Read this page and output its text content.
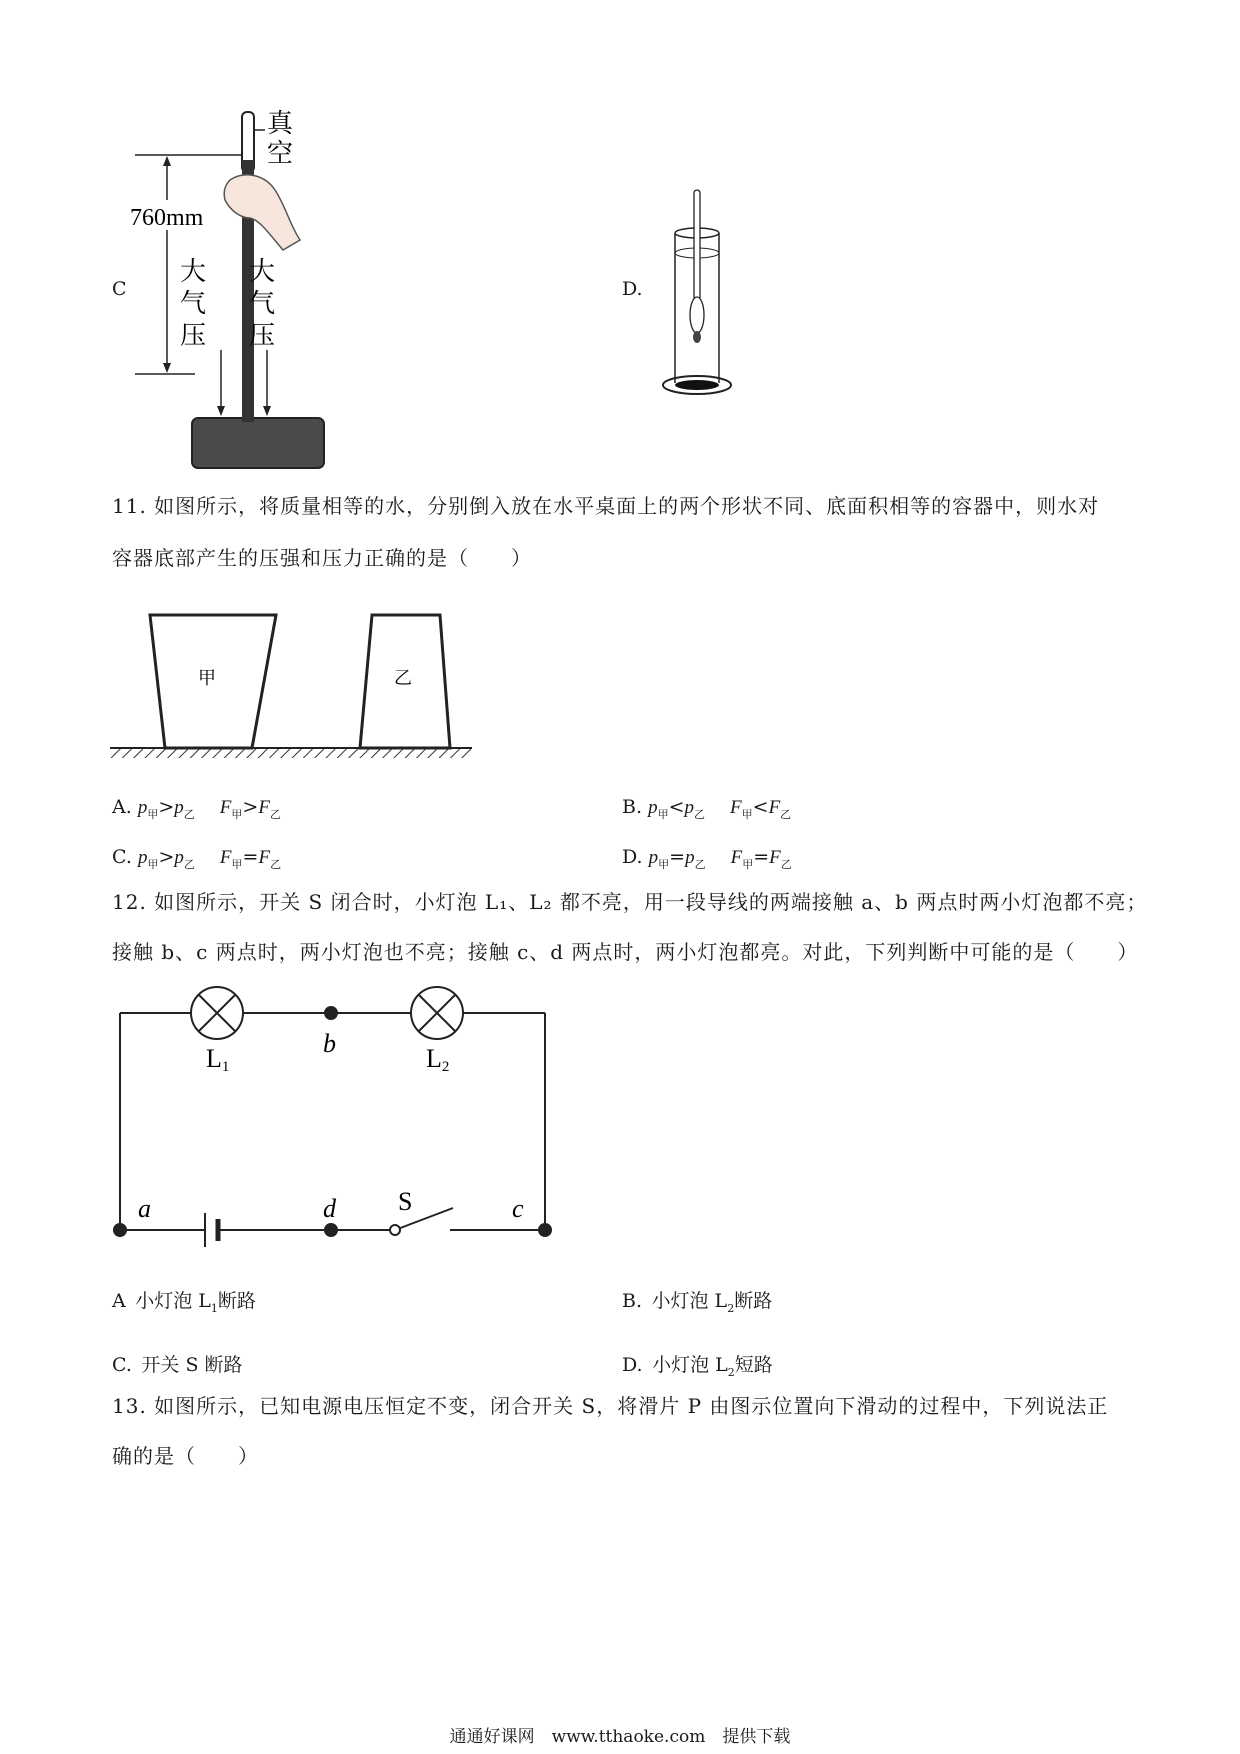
C
真
空
760mm
大
气
压
大
气
压
D.
11. 如图所示，将质量相等的水，分别倒入放在水平桌面上的两个形状不同、底面积相等的容器中，则水对
容器底部产生的压强和压力正确的是（　　）
甲	乙
A. $p_甲>p_乙$   $F_甲>F_乙$	B. $p_甲<p_乙$   $F_甲<F_乙$
C. $p_甲>p_乙$   $F_甲=F_乙$	D. $p_甲=p_乙$   $F_甲=F_乙$
12. 如图所示，开关 S 闭合时，小灯泡 L₁、L₂ 都不亮，用一段导线的两端接触 a、b 两点时两小灯泡都不亮；
接触 b、c 两点时，两小灯泡也不亮；接触 c、d 两点时，两小灯泡都亮。对此，下列判断中可能的是（　　）
L1	L2
b
a	d S	c
A  小灯泡 $L_1$断路	B.  小灯泡 $L_2$断路
C.  开关 S 断路	D.  小灯泡 $L_2$短路
13. 如图所示，已知电源电压恒定不变，闭合开关 S，将滑片 P 由图示位置向下滑动的过程中，下列说法正
确的是（　　）
通通好课网　www.tthaoke.com　提供下载
